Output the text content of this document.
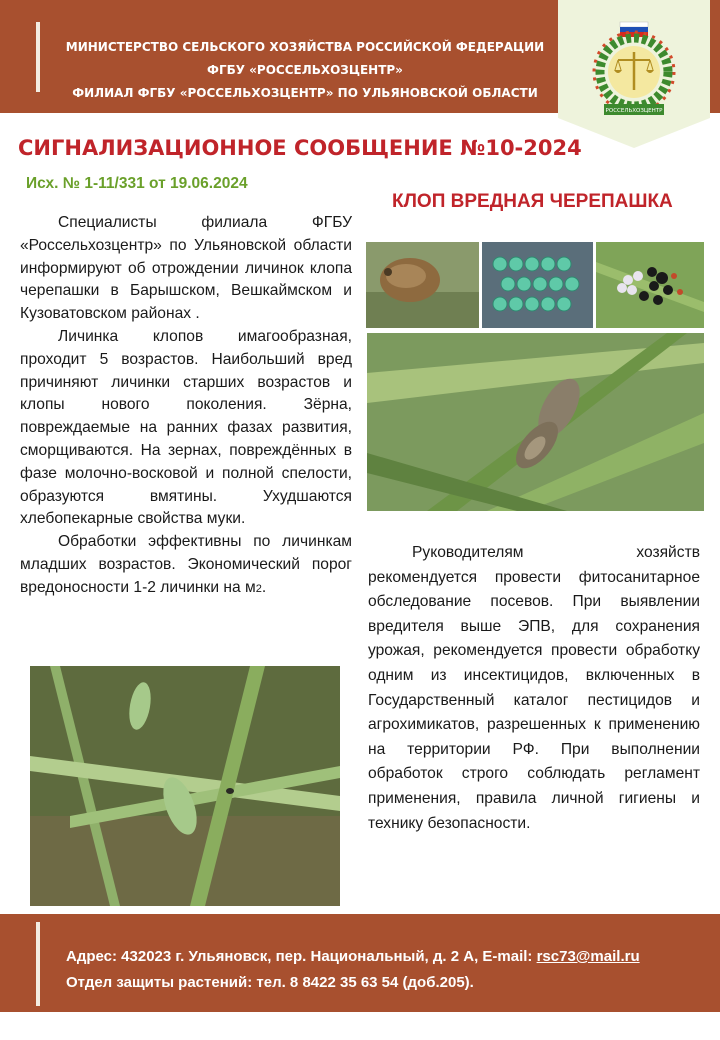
МИНИСТЕРСТВО СЕЛЬСКОГО ХОЗЯЙСТВА РОССИЙСКОЙ ФЕДЕРАЦИИ
ФГБУ «РОССЕЛЬХОЗЦЕНТР»
ФИЛИАЛ ФГБУ «РОССЕЛЬХОЗЦЕНТР» ПО УЛЬЯНОВСКОЙ ОБЛАСТИ
РОССЕЛЬХОЗЦЕНТР
СИГНАЛИЗАЦИОННОЕ СООБЩЕНИЕ №10-2024
Исх. № 1-11/331 от 19.06.2024
КЛОП ВРЕДНАЯ ЧЕРЕПАШКА

Специалисты филиала ФГБУ «Россельхозцентр» по Ульяновской области информируют об отрождении личинок клопа черепашки в Барышском, Вешкаймском и Кузоватовском районах .

Личинка клопов имагообразная, проходит 5 возрастов. Наибольший вред причиняют личинки старших возрастов и клопы нового поколения. Зёрна, повреждаемые на ранних фазах развития, сморщиваются. На зернах, повреждённых в фазе молочно-восковой и полной спелости, образуются вмятины. Ухудшаются хлебопекарные свойства муки.

Обработки эффективны по личинкам младших возрастов. Экономический порог вредоносности 1-2 личинки на м2.

Руководителям хозяйств рекомендуется провести фитосанитарное обследование посевов. При выявлении вредителя выше ЭПВ, для сохранения урожая, рекомендуется провести обработку одним из инсектицидов, включенных в Государственный каталог пестицидов и агрохимикатов, разрешенных к применению на территории РФ. При выполнении обработок строго соблюдать регламент применения, правила личной гигиены и технику безопасности.

Адрес: 432023 г. Ульяновск, пер. Национальный, д. 2 А, E-mail: rsc73@mail.ru
Отдел защиты растений: тел. 8 8422 35 63 54 (доб.205).
